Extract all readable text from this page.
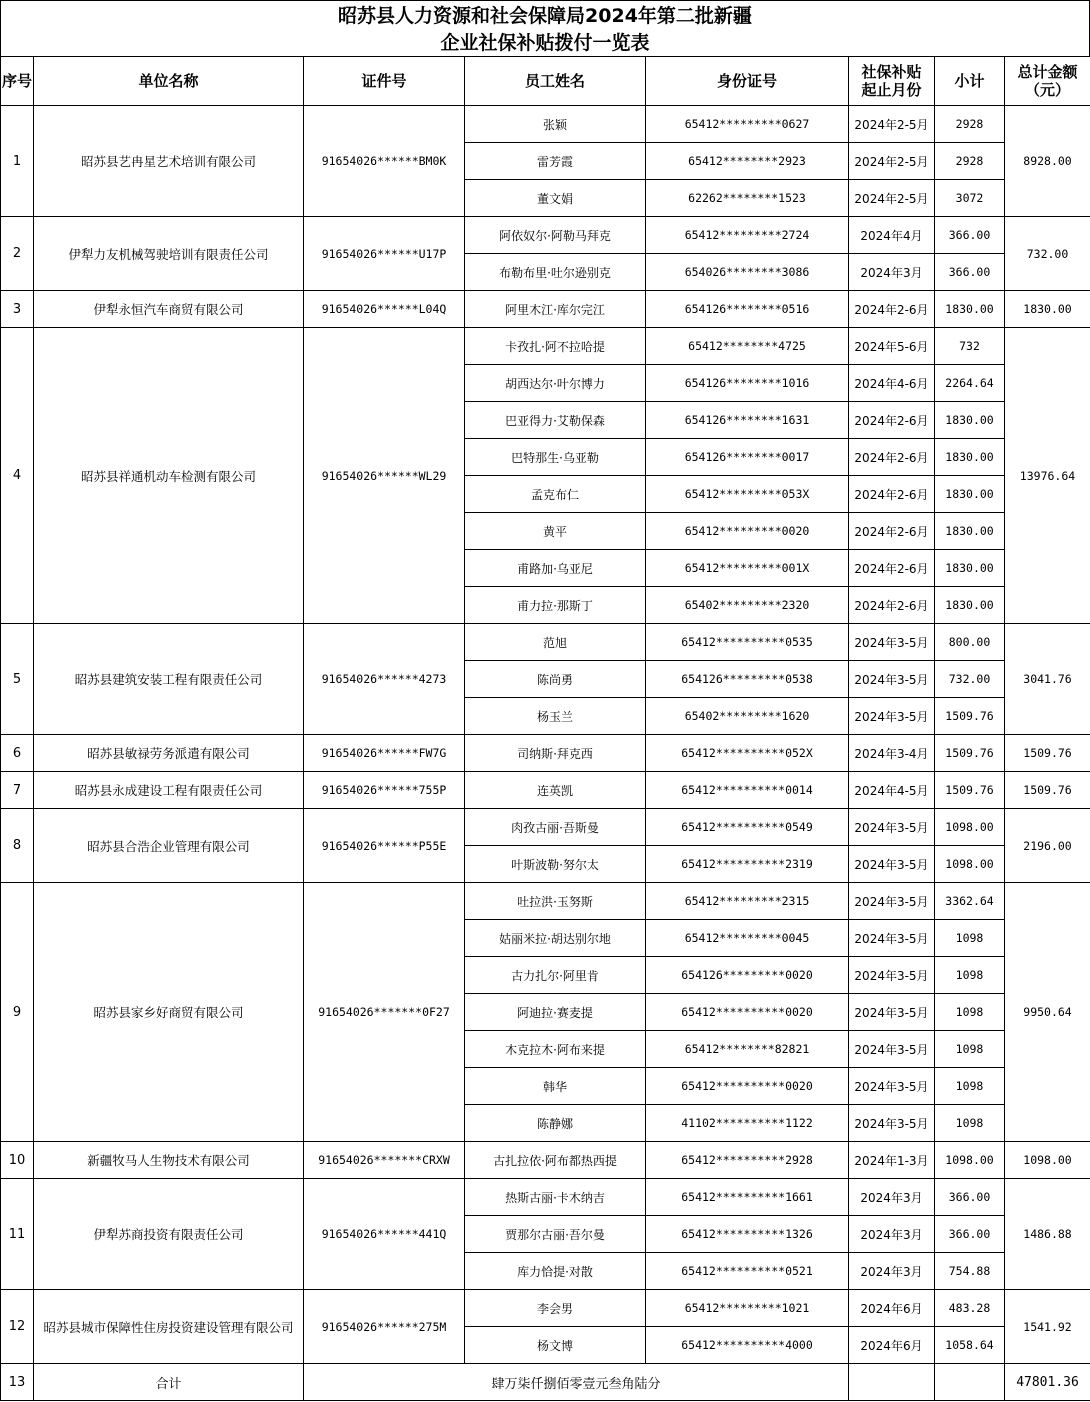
昭苏县人力资源和社会保障局2024年第二批新疆
企业社保补贴拨付一览表
序号	单位名称	证件号	员工姓名	身份证号	社保补贴
起止月份	小计	总计金额
（元）
1	昭苏县艺冉星艺术培训有限公司	91654026******BM0K	张颖	65412*********0627	2024年2-5月	2928	8928.00
			雷芳霞	65412********2923	2024年2-5月	2928	
			董文娟	62262********1523	2024年2-5月	3072	
2	伊犁力友机械驾驶培训有限责任公司	91654026******U17P	阿依奴尔·阿勒马拜克	65412*********2724	2024年4月	366.00	732.00
			布勒布里·吐尔逊别克	654026********3086	2024年3月	366.00	
3	伊犁永恒汽车商贸有限公司	91654026******L04Q	阿里木江·库尔完江	654126********0516	2024年2-6月	1830.00	1830.00
4	昭苏县祥通机动车检测有限公司	91654026******WL29	卡孜扎·阿不拉哈提	65412********4725	2024年5-6月	732	13976.64
			胡西达尔·叶尔博力	654126********1016	2024年4-6月	2264.64	
			巴亚得力·艾勒保森	654126********1631	2024年2-6月	1830.00	
			巴特那生·乌亚勒	654126********0017	2024年2-6月	1830.00	
			孟克布仁	65412*********053X	2024年2-6月	1830.00	
			黄平	65412*********0020	2024年2-6月	1830.00	
			甫路加·乌亚尼	65412*********001X	2024年2-6月	1830.00	
			甫力拉·那斯丁	65402*********2320	2024年2-6月	1830.00	
5	昭苏县建筑安装工程有限责任公司	91654026******4273	范旭	65412**********0535	2024年3-5月	800.00	3041.76
			陈尚勇	654126*********0538	2024年3-5月	732.00	
			杨玉兰	65402*********1620	2024年3-5月	1509.76	
6	昭苏县敏禄劳务派遣有限公司	91654026******FW7G	司纳斯·拜克西	65412**********052X	2024年3-4月	1509.76	1509.76
7	昭苏县永成建设工程有限责任公司	91654026******755P	连英凯	65412**********0014	2024年4-5月	1509.76	1509.76
8	昭苏县合浩企业管理有限公司	91654026******P55E	肉孜古丽·吾斯曼	65412**********0549	2024年3-5月	1098.00	2196.00
			叶斯波勒·努尔太	65412**********2319	2024年3-5月	1098.00	
9	昭苏县家乡好商贸有限公司	91654026*******0F27	吐拉洪·玉努斯	65412*********2315	2024年3-5月	3362.64	9950.64
			姑丽米拉·胡达别尔地	65412*********0045	2024年3-5月	1098	
			古力扎尔·阿里肯	654126*********0020	2024年3-5月	1098	
			阿迪拉·赛麦提	65412**********0020	2024年3-5月	1098	
			木克拉木·阿布来提	65412********82821	2024年3-5月	1098	
			韩华	65412**********0020	2024年3-5月	1098	
			陈静娜	41102**********1122	2024年3-5月	1098	
10	新疆牧马人生物技术有限公司	91654026*******CRXW	古扎拉依·阿布都热西提	65412**********2928	2024年1-3月	1098.00	1098.00
11	伊犁苏商投资有限责任公司	91654026******441Q	热斯古丽·卡木纳吉	65412**********1661	2024年3月	366.00	1486.88
			贾那尔古丽·吾尔曼	65412**********1326	2024年3月	366.00	
			库力恰提·对散	65412**********0521	2024年3月	754.88	
12	昭苏县城市保障性住房投资建设管理有限公司	91654026******275M	李会男	65412*********1021	2024年6月	483.28	1541.92
			杨文博	65412**********4000	2024年6月	1058.64	
13	合计	肆万柒仟捌佰零壹元叁角陆分					47801.36
